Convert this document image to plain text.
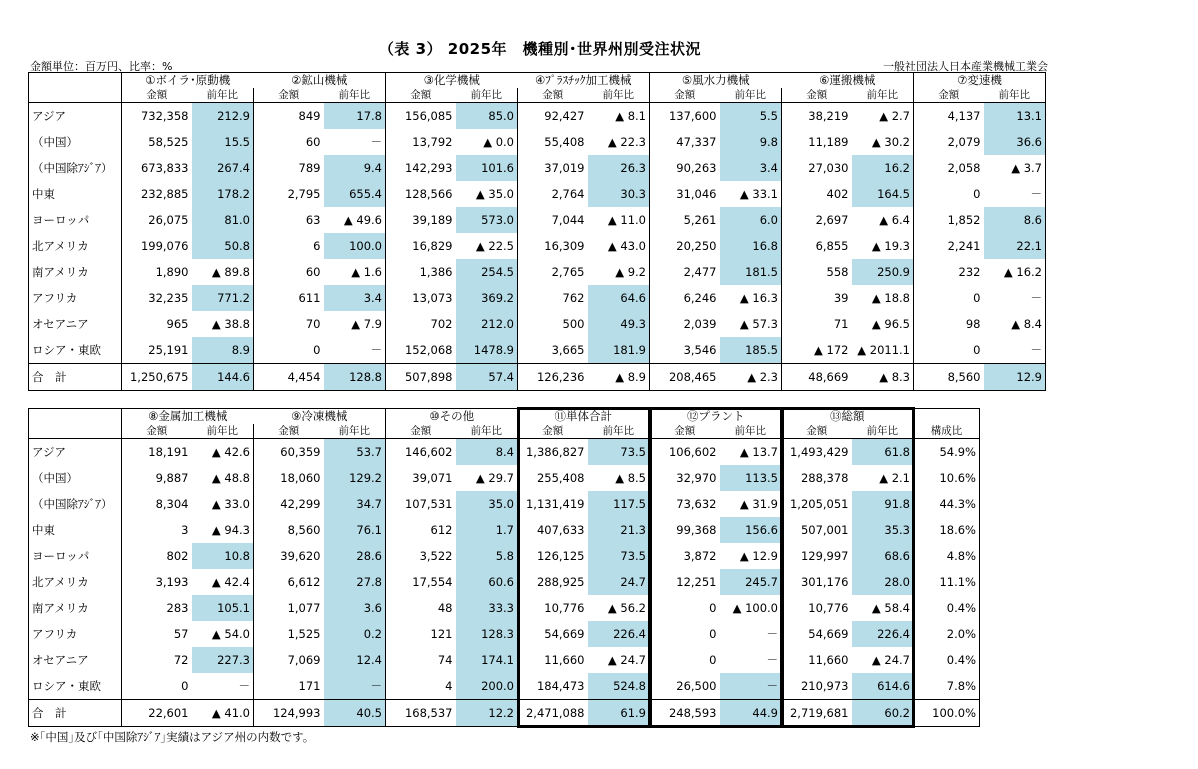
（表 3） 2025年　機種別･世界州別受注状況
金額単位：百万円、比率：%	一般社団法人日本産業機械工業会
	①ボイラ･原動機		②鉱山機械		③化学機械		④ﾌﾟﾗｽﾁｯｸ加工機械		⑤風水力機械		⑥運搬機械		⑦変速機	
	金額	前年比	金額	前年比	金額	前年比	金額	前年比	金額	前年比	金額	前年比	金額	前年比
アジア	732,358	212.9	849	17.8	156,085	85.0	92,427	▲ 8.1	137,600	5.5	38,219	▲ 2.7	4,137	13.1
（中国）	58,525	15.5	60	－	13,792	▲ 0.0	55,408	▲ 22.3	47,337	9.8	11,189	▲ 30.2	2,079	36.6
（中国除ｱｼﾞｱ）	673,833	267.4	789	9.4	142,293	101.6	37,019	26.3	90,263	3.4	27,030	16.2	2,058	▲ 3.7
中東	232,885	178.2	2,795	655.4	128,566	▲ 35.0	2,764	30.3	31,046	▲ 33.1	402	164.5	0	－
ヨーロッパ	26,075	81.0	63	▲ 49.6	39,189	573.0	7,044	▲ 11.0	5,261	6.0	2,697	▲ 6.4	1,852	8.6
北アメリカ	199,076	50.8	6	100.0	16,829	▲ 22.5	16,309	▲ 43.0	20,250	16.8	6,855	▲ 19.3	2,241	22.1
南アメリカ	1,890	▲ 89.8	60	▲ 1.6	1,386	254.5	2,765	▲ 9.2	2,477	181.5	558	250.9	232	▲ 16.2
アフリカ	32,235	771.2	611	3.4	13,073	369.2	762	64.6	6,246	▲ 16.3	39	▲ 18.8	0	－
オセアニア	965	▲ 38.8	70	▲ 7.9	702	212.0	500	49.3	2,039	▲ 57.3	71	▲ 96.5	98	▲ 8.4
ロシア・東欧	25,191	8.9	0	－	152,068	1478.9	3,665	181.9	3,546	185.5	▲ 172	▲ 2011.1	0	－
合　計	1,250,675	144.6	4,454	128.8	507,898	57.4	126,236	▲ 8.9	208,465	▲ 2.3	48,669	▲ 8.3	8,560	12.9
	⑧金属加工機械		⑨冷凍機械		⑩その他		⑪単体合計		⑫プラント		⑬総額		
	金額	前年比	金額	前年比	金額	前年比	金額	前年比	金額	前年比	金額	前年比	構成比
アジア	18,191	▲ 42.6	60,359	53.7	146,602	8.4	1,386,827	73.5	106,602	▲ 13.7	1,493,429	61.8	54.9%
（中国）	9,887	▲ 48.8	18,060	129.2	39,071	▲ 29.7	255,408	▲ 8.5	32,970	113.5	288,378	▲ 2.1	10.6%
（中国除ｱｼﾞｱ）	8,304	▲ 33.0	42,299	34.7	107,531	35.0	1,131,419	117.5	73,632	▲ 31.9	1,205,051	91.8	44.3%
中東	3	▲ 94.3	8,560	76.1	612	1.7	407,633	21.3	99,368	156.6	507,001	35.3	18.6%
ヨーロッパ	802	10.8	39,620	28.6	3,522	5.8	126,125	73.5	3,872	▲ 12.9	129,997	68.6	4.8%
北アメリカ	3,193	▲ 42.4	6,612	27.8	17,554	60.6	288,925	24.7	12,251	245.7	301,176	28.0	11.1%
南アメリカ	283	105.1	1,077	3.6	48	33.3	10,776	▲ 56.2	0	▲ 100.0	10,776	▲ 58.4	0.4%
アフリカ	57	▲ 54.0	1,525	0.2	121	128.3	54,669	226.4	0	－	54,669	226.4	2.0%
オセアニア	72	227.3	7,069	12.4	74	174.1	11,660	▲ 24.7	0	－	11,660	▲ 24.7	0.4%
ロシア・東欧	0	－	171	－	4	200.0	184,473	524.8	26,500	－	210,973	614.6	7.8%
合　計	22,601	▲ 41.0	124,993	40.5	168,537	12.2	2,471,088	61.9	248,593	44.9	2,719,681	60.2	100.0%
※｢中国｣及び｢中国除ｱｼﾞｱ｣実績はアジア州の内数です。
